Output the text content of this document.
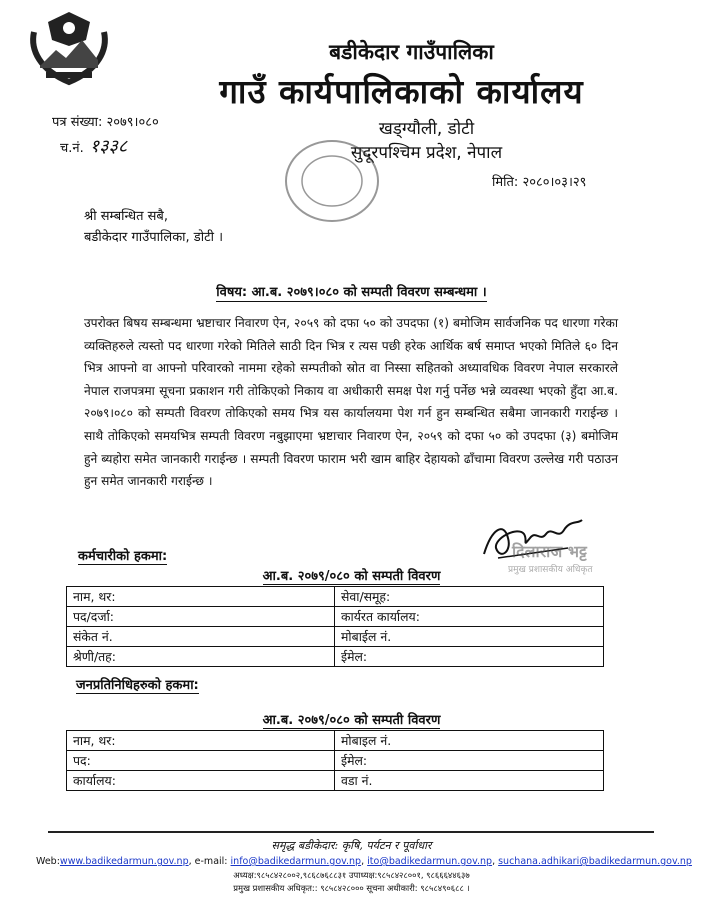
बडीकेदार गाउँपालिका
गाउँ कार्यपालिकाको कार्यालय
खड्ग्यौली, डोटी
सुदूरपश्चिम प्रदेश, नेपाल
पत्र संख्या: २०७९।०८०
च.नं. १३३८
मिति: २०८०।०३।२९
श्री सम्बन्धित सबै,
बडीकेदार गाउँपालिका, डोटी ।
विषय: आ.ब. २०७९।०८० को सम्पती विवरण सम्बन्धमा ।
उपरोक्त बिषय सम्बन्धमा भ्रष्टाचार निवारण ऐन, २०५९ को दफा ५० को उपदफा (१) बमोजिम सार्वजनिक पद धारणा गरेका व्यक्तिहरुले त्यस्तो पद धारणा गरेको मितिले साठी दिन भित्र र त्यस पछी हरेक आर्थिक बर्ष समाप्त भएको मितिले ६० दिन भित्र आफ्नो वा आफ्नो परिवारको नाममा रहेको सम्पतीको स्रोत वा निस्सा सहितको अध्यावधिक विवरण नेपाल सरकारले नेपाल राजपत्रमा सूचना प्रकाशन गरी तोकिएको निकाय वा अधीकारी समक्ष पेश गर्नु पर्नेछ भन्ने व्यवस्था भएको हुँदा आ.ब. २०७९।०८० को सम्पती विवरण तोकिएको समय भित्र यस कार्यालयमा पेश गर्न हुन सम्बन्धित सबैमा जानकारी गराईन्छ । साथै तोकिएको समयभित्र सम्पती विवरण नबुझाएमा भ्रष्टाचार निवारण ऐन, २०५९ को दफा ५० को उपदफा (३) बमोजिम हुने ब्यहोरा समेत जानकारी गराईन्छ । सम्पती विवरण फाराम भरी खाम बाहिर देहायको ढाँचामा विवरण उल्लेख गरी पठाउन हुन समेत जानकारी गराईन्छ ।
दिलाराज भट्ट
प्रमुख प्रशासकीय अधिकृत
कर्मचारीको हकमा:
आ.ब. २०७९/०८० को सम्पती विवरण
नाम, थर:	सेवा/समूह:
पद/दर्जा:	कार्यरत कार्यालय:
संकेत नं.	मोबाईल नं.
श्रेणी/तह:	ईमेल:
जनप्रतिनिधिहरुको हकमा:
आ.ब. २०७९/०८० को सम्पती विवरण
नाम, थर:	मोबाइल नं.
पद:	ईमेल:
कार्यालय:	वडा नं.
समृद्ध बडीकेदार: कृषि, पर्यटन र पूर्वाधार
Web:www.badikedarmun.gov.np, e-mail: info@badikedarmun.gov.np, ito@badikedarmun.gov.np, suchana.adhikari@badikedarmun.gov.np
अध्यक्ष:९८५८४२८००२,९८६८७६८८३१ उपाध्यक्ष:९८५८४२८००१, ९८६६६४४६३७
प्रमुख प्रशासकीय अधिकृत:: ९८५८४२८००० सूचना अधीकारी: ९८५८४९०६८८ ।
